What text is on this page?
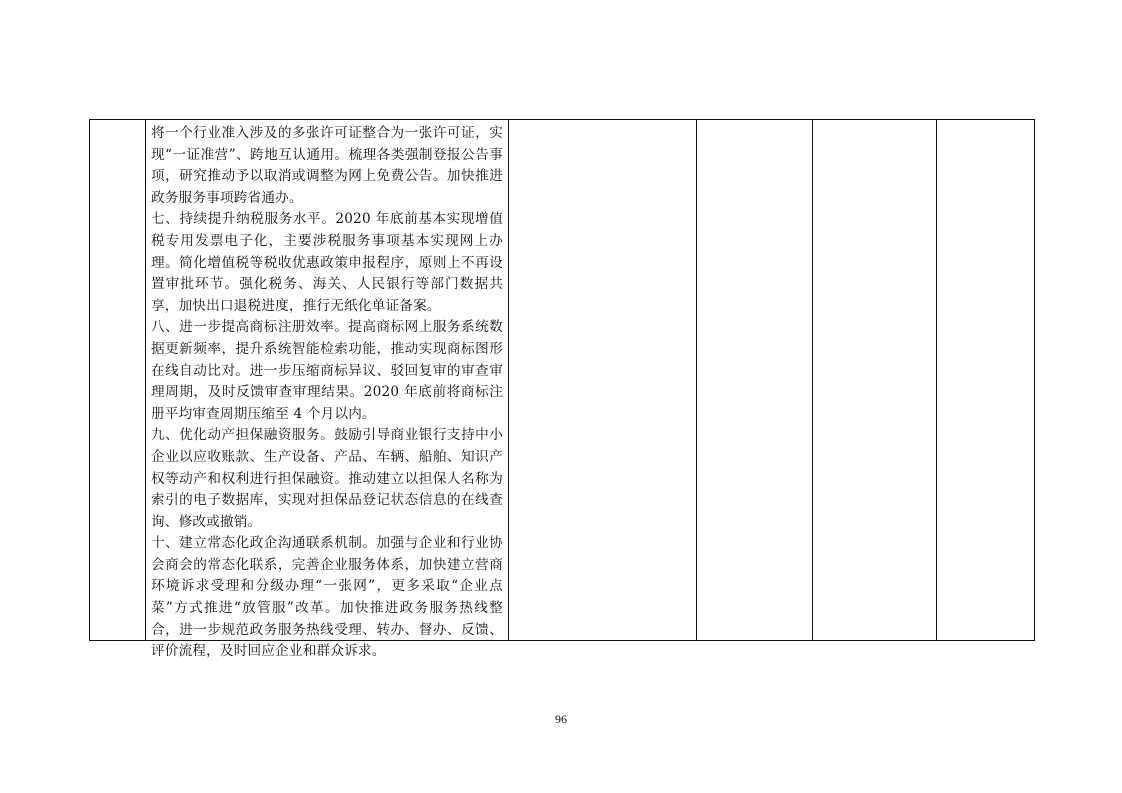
将一个行业准入涉及的多张许可证整合为一张许可证，实现“一证准营”、跨地互认通用。梳理各类强制登报公告事项，研究推动予以取消或调整为网上免费公告。加快推进政务服务事项跨省通办。

七、持续提升纳税服务水平。2020 年底前基本实现增值税专用发票电子化，主要涉税服务事项基本实现网上办理。简化增值税等税收优惠政策申报程序，原则上不再设置审批环节。强化税务、海关、人民银行等部门数据共享，加快出口退税进度，推行无纸化单证备案。

八、进一步提高商标注册效率。提高商标网上服务系统数据更新频率，提升系统智能检索功能，推动实现商标图形在线自动比对。进一步压缩商标异议、驳回复审的审查审理周期，及时反馈审查审理结果。2020 年底前将商标注册平均审查周期压缩至 4 个月以内。

九、优化动产担保融资服务。鼓励引导商业银行支持中小企业以应收账款、生产设备、产品、车辆、船舶、知识产权等动产和权利进行担保融资。推动建立以担保人名称为索引的电子数据库，实现对担保品登记状态信息的在线查询、修改或撤销。

十、建立常态化政企沟通联系机制。加强与企业和行业协会商会的常态化联系，完善企业服务体系，加快建立营商环境诉求受理和分级办理“一张网”，更多采取“企业点菜”方式推进“放管服”改革。加快推进政务服务热线整合，进一步规范政务服务热线受理、转办、督办、反馈、评价流程，及时回应企业和群众诉求。

96
